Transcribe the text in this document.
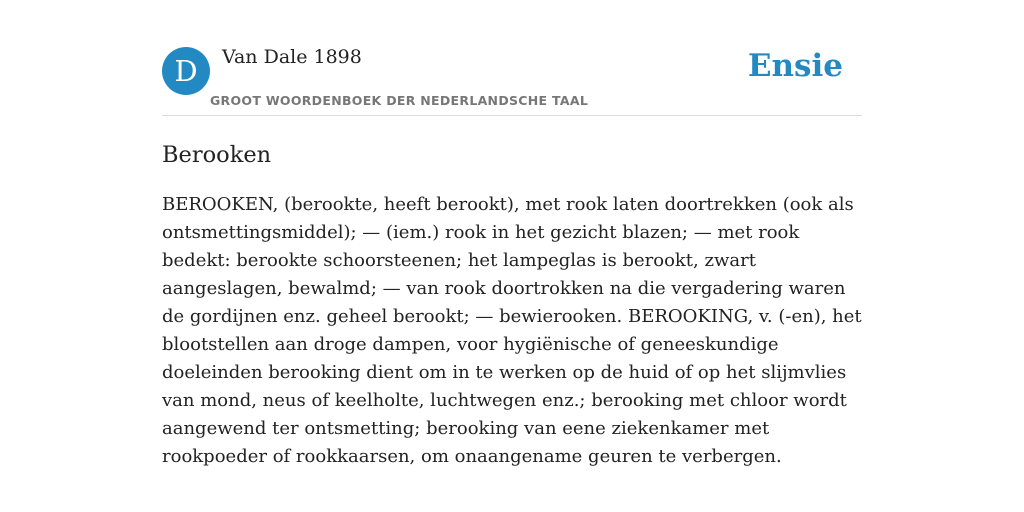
D	Van Dale 1898
GROOT WOORDENBOEK DER NEDERLANDSCHE TAAL
Ensie
Berooken

BEROOKEN, (berookte, heeft berookt), met rook laten doortrekken (ook als ontsmettingsmiddel); — (iem.) rook in het gezicht blazen; — met rook bedekt: berookte schoorsteenen; het lampeglas is berookt, zwart aangeslagen, bewalmd; — van rook doortrokken na die vergadering waren de gordijnen enz. geheel berookt; — bewierooken. BEROOKING, v. (-en), het blootstellen aan droge dampen, voor hygiënische of geneeskundige doeleinden berooking dient om in te werken op de huid of op het slijmvlies van mond, neus of keelholte, luchtwegen enz.; berooking met chloor wordt aangewend ter ontsmetting; berooking van eene ziekenkamer met rookpoeder of rookkaarsen, om onaangename geuren te verbergen.
